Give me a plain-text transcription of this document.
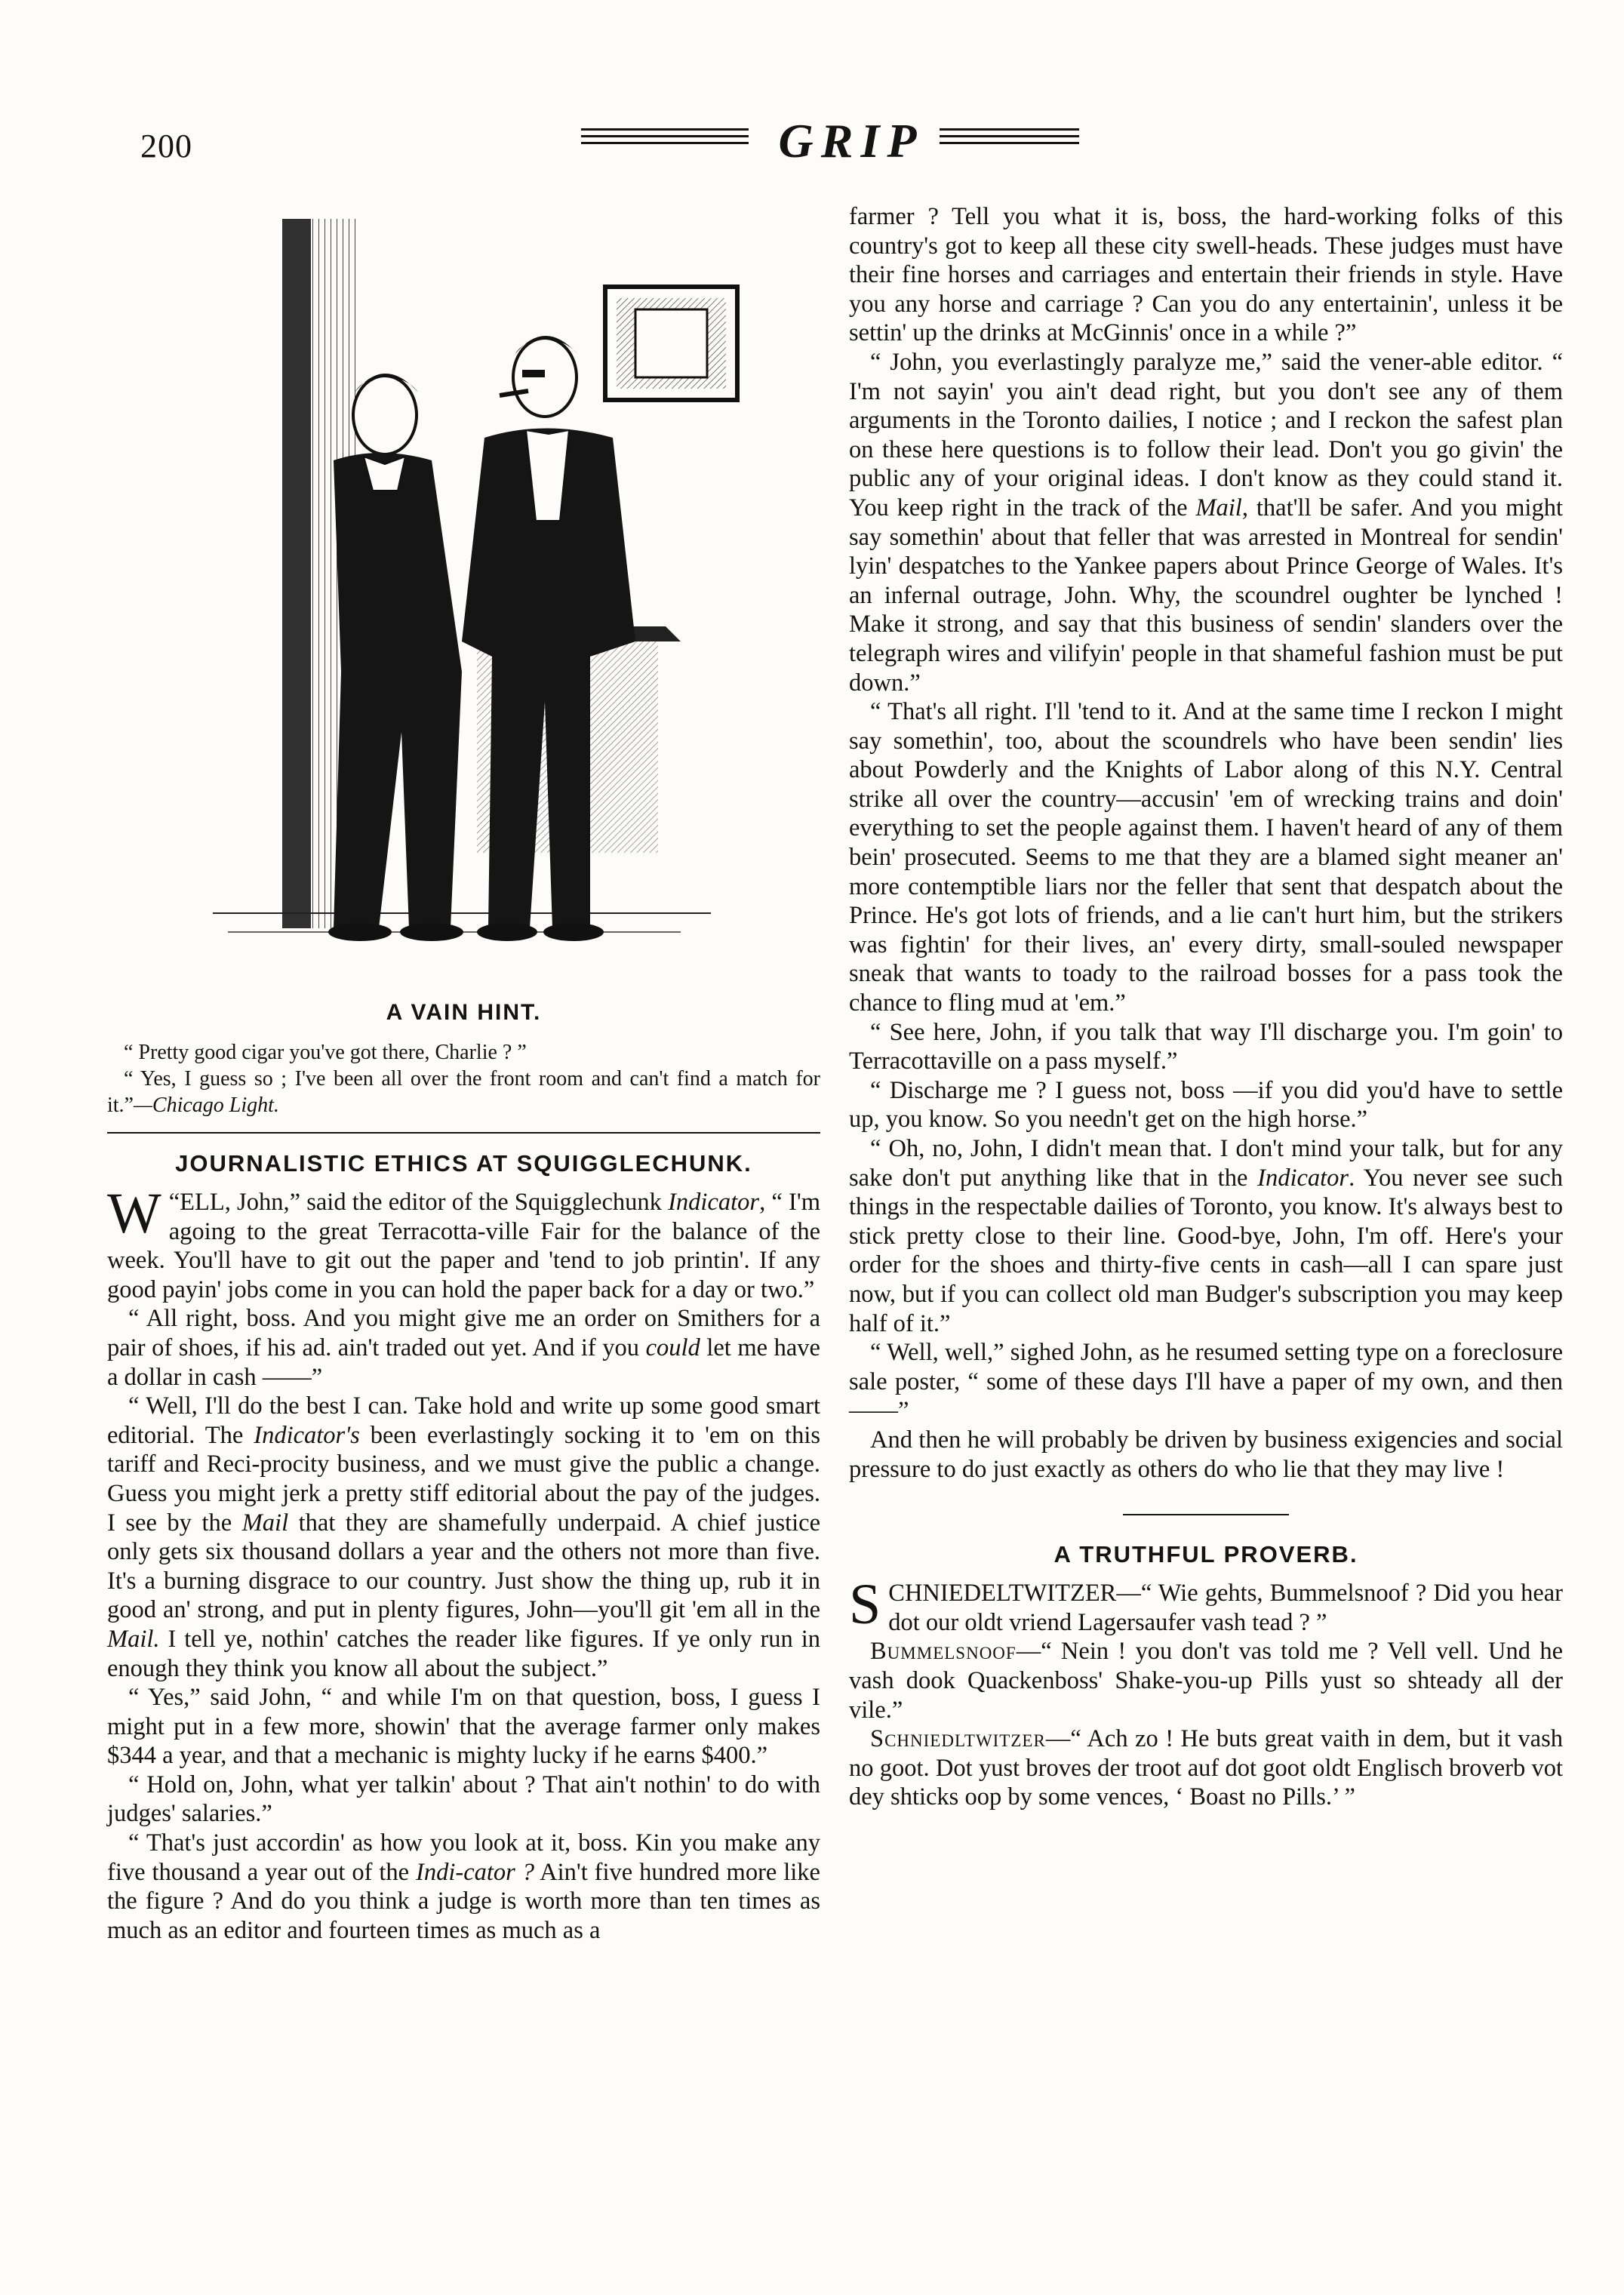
200	GRIP
A VAIN HINT.

“ Pretty good cigar you've got there, Charlie ? ”

“ Yes, I guess so ; I've been all over the front room and can't find a match for it.”—Chicago Light.

JOURNALISTIC ETHICS AT SQUIGGLECHUNK.

“
W ELL, John,” said the editor of the Squigglechunk Indicator, “ I'm agoing to the great Terracotta-ville Fair for the balance of the week. You'll have to git out the paper and 'tend to job printin'. If any good payin' jobs come in you can hold the paper back for a day or two.”

“ All right, boss. And you might give me an order on Smithers for a pair of shoes, if his ad. ain't traded out yet. And if you could let me have a dollar in cash ——”

“ Well, I'll do the best I can. Take hold and write up some good smart editorial. The Indicator's been everlastingly socking it to 'em on this tariff and Reci-procity business, and we must give the public a change. Guess you might jerk a pretty stiff editorial about the pay of the judges. I see by the Mail that they are shamefully underpaid. A chief justice only gets six thousand dollars a year and the others not more than five. It's a burning disgrace to our country. Just show the thing up, rub it in good an' strong, and put in plenty figures, John—you'll git 'em all in the Mail. I tell ye, nothin' catches the reader like figures. If ye only run in enough they think you know all about the subject.”

“ Yes,” said John, “ and while I'm on that question, boss, I guess I might put in a few more, showin' that the average farmer only makes $344 a year, and that a mechanic is mighty lucky if he earns $400.”

“ Hold on, John, what yer talkin' about ? That ain't nothin' to do with judges' salaries.”

“ That's just accordin' as how you look at it, boss. Kin you make any five thousand a year out of the Indi-cator ? Ain't five hundred more like the figure ? And do you think a judge is worth more than ten times as much as an editor and fourteen times as much as a

farmer ? Tell you what it is, boss, the hard-working folks of this country's got to keep all these city swell-heads. These judges must have their fine horses and carriages and entertain their friends in style. Have you any horse and carriage ? Can you do any entertainin', unless it be settin' up the drinks at McGinnis' once in a while ?”

“ John, you everlastingly paralyze me,” said the vener-able editor. “ I'm not sayin' you ain't dead right, but you don't see any of them arguments in the Toronto dailies, I notice ; and I reckon the safest plan on these here questions is to follow their lead. Don't you go givin' the public any of your original ideas. I don't know as they could stand it. You keep right in the track of the Mail, that'll be safer. And you might say somethin' about that feller that was arrested in Montreal for sendin' lyin' despatches to the Yankee papers about Prince George of Wales. It's an infernal outrage, John. Why, the scoundrel oughter be lynched ! Make it strong, and say that this business of sendin' slanders over the telegraph wires and vilifyin' people in that shameful fashion must be put down.”

“ That's all right. I'll 'tend to it. And at the same time I reckon I might say somethin', too, about the scoundrels who have been sendin' lies about Powderly and the Knights of Labor along of this N.Y. Central strike all over the country—accusin' 'em of wrecking trains and doin' everything to set the people against them. I haven't heard of any of them bein' prosecuted. Seems to me that they are a blamed sight meaner an' more contemptible liars nor the feller that sent that despatch about the Prince. He's got lots of friends, and a lie can't hurt him, but the strikers was fightin' for their lives, an' every dirty, small-souled newspaper sneak that wants to toady to the railroad bosses for a pass took the chance to fling mud at 'em.”

“ See here, John, if you talk that way I'll discharge you. I'm goin' to Terracottaville on a pass myself.”

“ Discharge me ? I guess not, boss —if you did you'd have to settle up, you know. So you needn't get on the high horse.”

“ Oh, no, John, I didn't mean that. I don't mind your talk, but for any sake don't put anything like that in the Indicator. You never see such things in the respectable dailies of Toronto, you know. It's always best to stick pretty close to their line. Good-bye, John, I'm off. Here's your order for the shoes and thirty-five cents in cash—all I can spare just now, but if you can collect old man Budger's subscription you may keep half of it.”

“ Well, well,” sighed John, as he resumed setting type on a foreclosure sale poster, “ some of these days I'll have a paper of my own, and then——”

And then he will probably be driven by business exigencies and social pressure to do just exactly as others do who lie that they may live !

A TRUTHFUL PROVERB.

SCHNIEDELTWITZER—“ Wie gehts, Bummelsnoof ? Did you hear dot our oldt vriend Lagersaufer vash tead ? ”

Bummelsnoof—“ Nein ! you don't vas told me ? Vell vell. Und he vash dook Quackenboss' Shake-you-up Pills yust so shteady all der vile.”

Schniedltwitzer—“ Ach zo ! He buts great vaith in dem, but it vash no goot. Dot yust broves der troot auf dot goot oldt Englisch broverb vot dey shticks oop by some vences, ‘ Boast no Pills.’ ”
